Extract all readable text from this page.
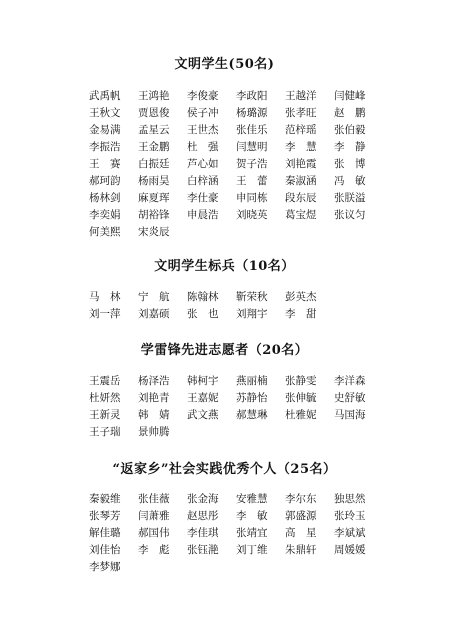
文明学生(50名)
武禹帆	王鸿艳	李俊豪	李政阳	王越洋	闫健峰
王秋文	贾恩俊	侯子冲	杨璐源	张孝旺	赵　鹏
金易满	孟星云	王世杰	张佳乐	范梓瑶	张伯毅
李振浩	王金鹏	杜　强	闫慧明	李　慧	李　静
王　赛	白振廷	芦心如	贺子浩	刘艳霞	张　博
郝珂韵	杨雨昊	白梓涵	王　蕾	秦淑涵	冯　敏
杨林剑	麻夏珲	李仕豪	申同栋	段东辰	张朕溢
李奕娟	胡裕锋	申晨浩	刘晓英	葛宝煜	张议匀
何美熙	宋炎辰
文明学生标兵（10名）
马　林	宁　航	陈翰林	靳荣秋	彭英杰
刘一萍	刘嘉硕	张　也	刘翔宇	李　甜
学雷锋先进志愿者（20名）
王震岳	杨泽浩	韩柯宇	燕丽楠	张静雯	李洋森
杜妍然	刘艳青	王嘉妮	苏静怡	张伸毓	史舒敏
王新灵	韩　婧	武文燕	郝慧琳	杜雅妮	马国海
王子瑞	景帅腾
“返家乡”社会实践优秀个人（25名）
秦毅维	张佳薇	张金海	安雅慧	李尔东	独思然
张琴芳	闫萧雅	赵思彤	李　敏	郭盛源	张玲玉
解佳璐	郝国伟	李佳琪	张靖宜	高　星	李斌斌
刘佳怡	李　彪	张钰滟	刘丁维	朱鼎轩	周媛媛
李梦娜
